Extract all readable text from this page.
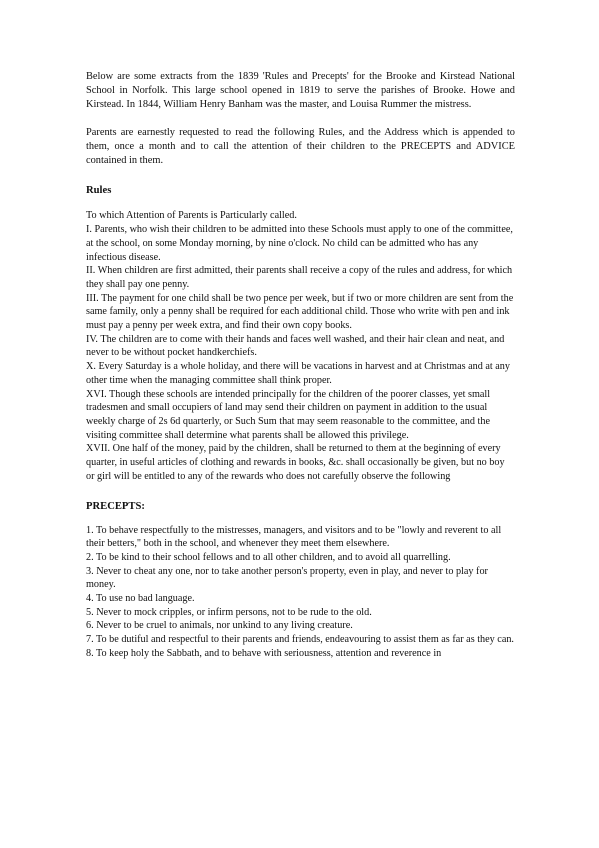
Below are some extracts from the 1839 'Rules and Precepts' for the Brooke and Kirstead National School in Norfolk. This large school opened in 1819 to serve the parishes of Brooke. Howe and Kirstead. In 1844, William Henry Banham was the master, and Louisa Rummer the mistress.

Parents are earnestly requested to read the following Rules, and the Address which is appended to them, once a month and to call the attention of their children to the PRECEPTS and ADVICE contained in them.

Rules

To which Attention of Parents is Particularly called.

I. Parents, who wish their children to be admitted into these Schools must apply to one of the committee, at the school, on some Monday morning, by nine o'clock. No child can be admitted who has any infectious disease.

II. When children are first admitted, their parents shall receive a copy of the rules and address, for which they shall pay one penny.

III. The payment for one child shall be two pence per week, but if two or more children are sent from the same family, only a penny shall be required for each additional child. Those who write with pen and ink must pay a penny per week extra, and find their own copy books.

IV. The children are to come with their hands and faces well washed, and their hair clean and neat, and never to be without pocket handkerchiefs.

X. Every Saturday is a whole holiday, and there will be vacations in harvest and at Christmas and at any other time when the managing committee shall think proper.

XVI. Though these schools are intended principally for the children of the poorer classes, yet small tradesmen and small occupiers of land may send their children on payment in addition to the usual weekly charge of 2s 6d quarterly, or Such Sum that may seem reasonable to the committee, and the visiting committee shall determine what parents shall be allowed this privilege.

XVII. One half of the money, paid by the children, shall be returned to them at the beginning of every quarter, in useful articles of clothing and rewards in books, &c. shall occasionally be given, but no boy or girl will be entitled to any of the rewards who does not carefully observe the following

PRECEPTS:

1. To behave respectfully to the mistresses, managers, and visitors and to be "lowly and reverent to all their betters," both in the school, and whenever they meet them elsewhere.

2. To be kind to their school fellows and to all other children, and to avoid all quarrelling.

3. Never to cheat any one, nor to take another person's property, even in play, and never to play for money.

4. To use no bad language.

5. Never to mock cripples, or infirm persons, not to be rude to the old.

6. Never to be cruel to animals, nor unkind to any living creature.

7. To be dutiful and respectful to their parents and friends, endeavouring to assist them as far as they can.

8. To keep holy the Sabbath, and to behave with seriousness, attention and reverence in
